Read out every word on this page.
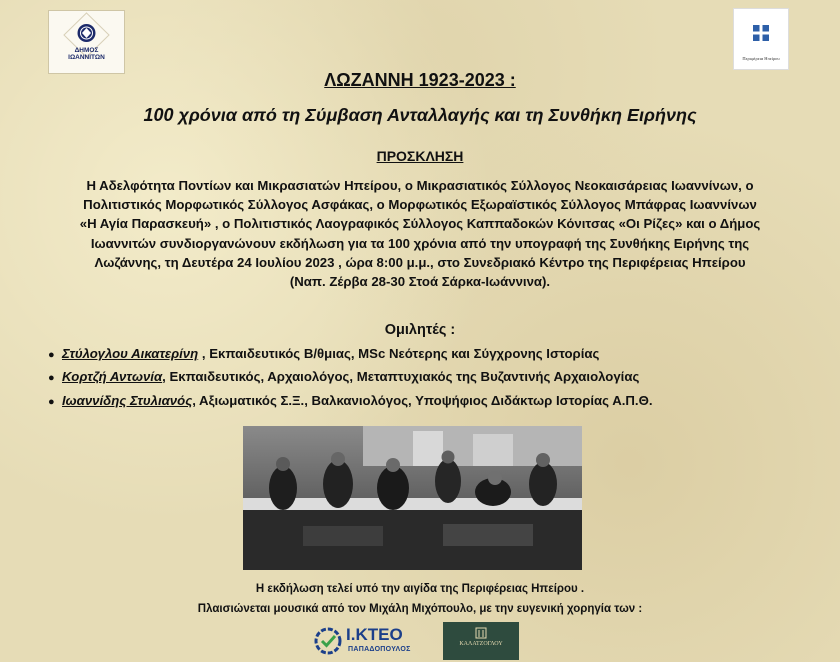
ΔΗΜΟΣ
ΙΩΑΝΝΙΤΩΝ	Περιφέρεια Ηπείρου
ΛΩΖΑΝΝΗ 1923-2023 :
100 χρόνια από τη Σύμβαση Ανταλλαγής και τη Συνθήκη Ειρήνης
ΠΡΟΣΚΛΗΣΗ
Η Αδελφότητα Ποντίων και Μικρασιατών Ηπείρου, ο Μικρασιατικός Σύλλογος Νεοκαισάρειας Ιωαννίνων, ο
Πολιτιστικός Μορφωτικός Σύλλογος Ασφάκας, ο Μορφωτικός Εξωραϊστικός Σύλλογος Μπάφρας Ιωαννίνων
«Η Αγία Παρασκευή» , ο Πολιτιστικός Λαογραφικός Σύλλογος Καππαδοκών Κόνιτσας «Οι Ρίζες» και ο Δήμος
Ιωαννιτών συνδιοργανώνουν εκδήλωση για τα 100 χρόνια από την υπογραφή της Συνθήκης Ειρήνης της
Λωζάννης, τη Δευτέρα 24 Ιουλίου 2023 , ώρα 8:00 μ.μ., στο Συνεδριακό Κέντρο της Περιφέρειας Ηπείρου
(Ναπ. Ζέρβα 28-30 Στοά Σάρκα-Ιωάννινα).
Ομιλητές :
● Στύλογλου Αικατερίνη , Εκπαιδευτικός Β/θμιας, MSc Νεότερης και Σύγχρονης Ιστορίας
● Κορτζή Αντωνία, Εκπαιδευτικός, Αρχαιολόγος, Μεταπτυχιακός της Βυζαντινής Αρχαιολογίας
● Ιωαννίδης Στυλιανός, Αξιωματικός Σ.Ξ., Βαλκανιολόγος, Υποψήφιος Διδάκτωρ Ιστορίας Α.Π.Θ.
Η εκδήλωση τελεί υπό την αιγίδα της Περιφέρειας Ηπείρου .
Πλαισιώνεται μουσικά από τον Μιχάλη Μιχόπουλο, με την ευγενική χορηγία των :
Ι.ΚΤΕΟ
ΠΑΠΑΔΟΠΟΥΛΟΣ
ΚΑΛΑΤΖΟΓΛΟΥ
